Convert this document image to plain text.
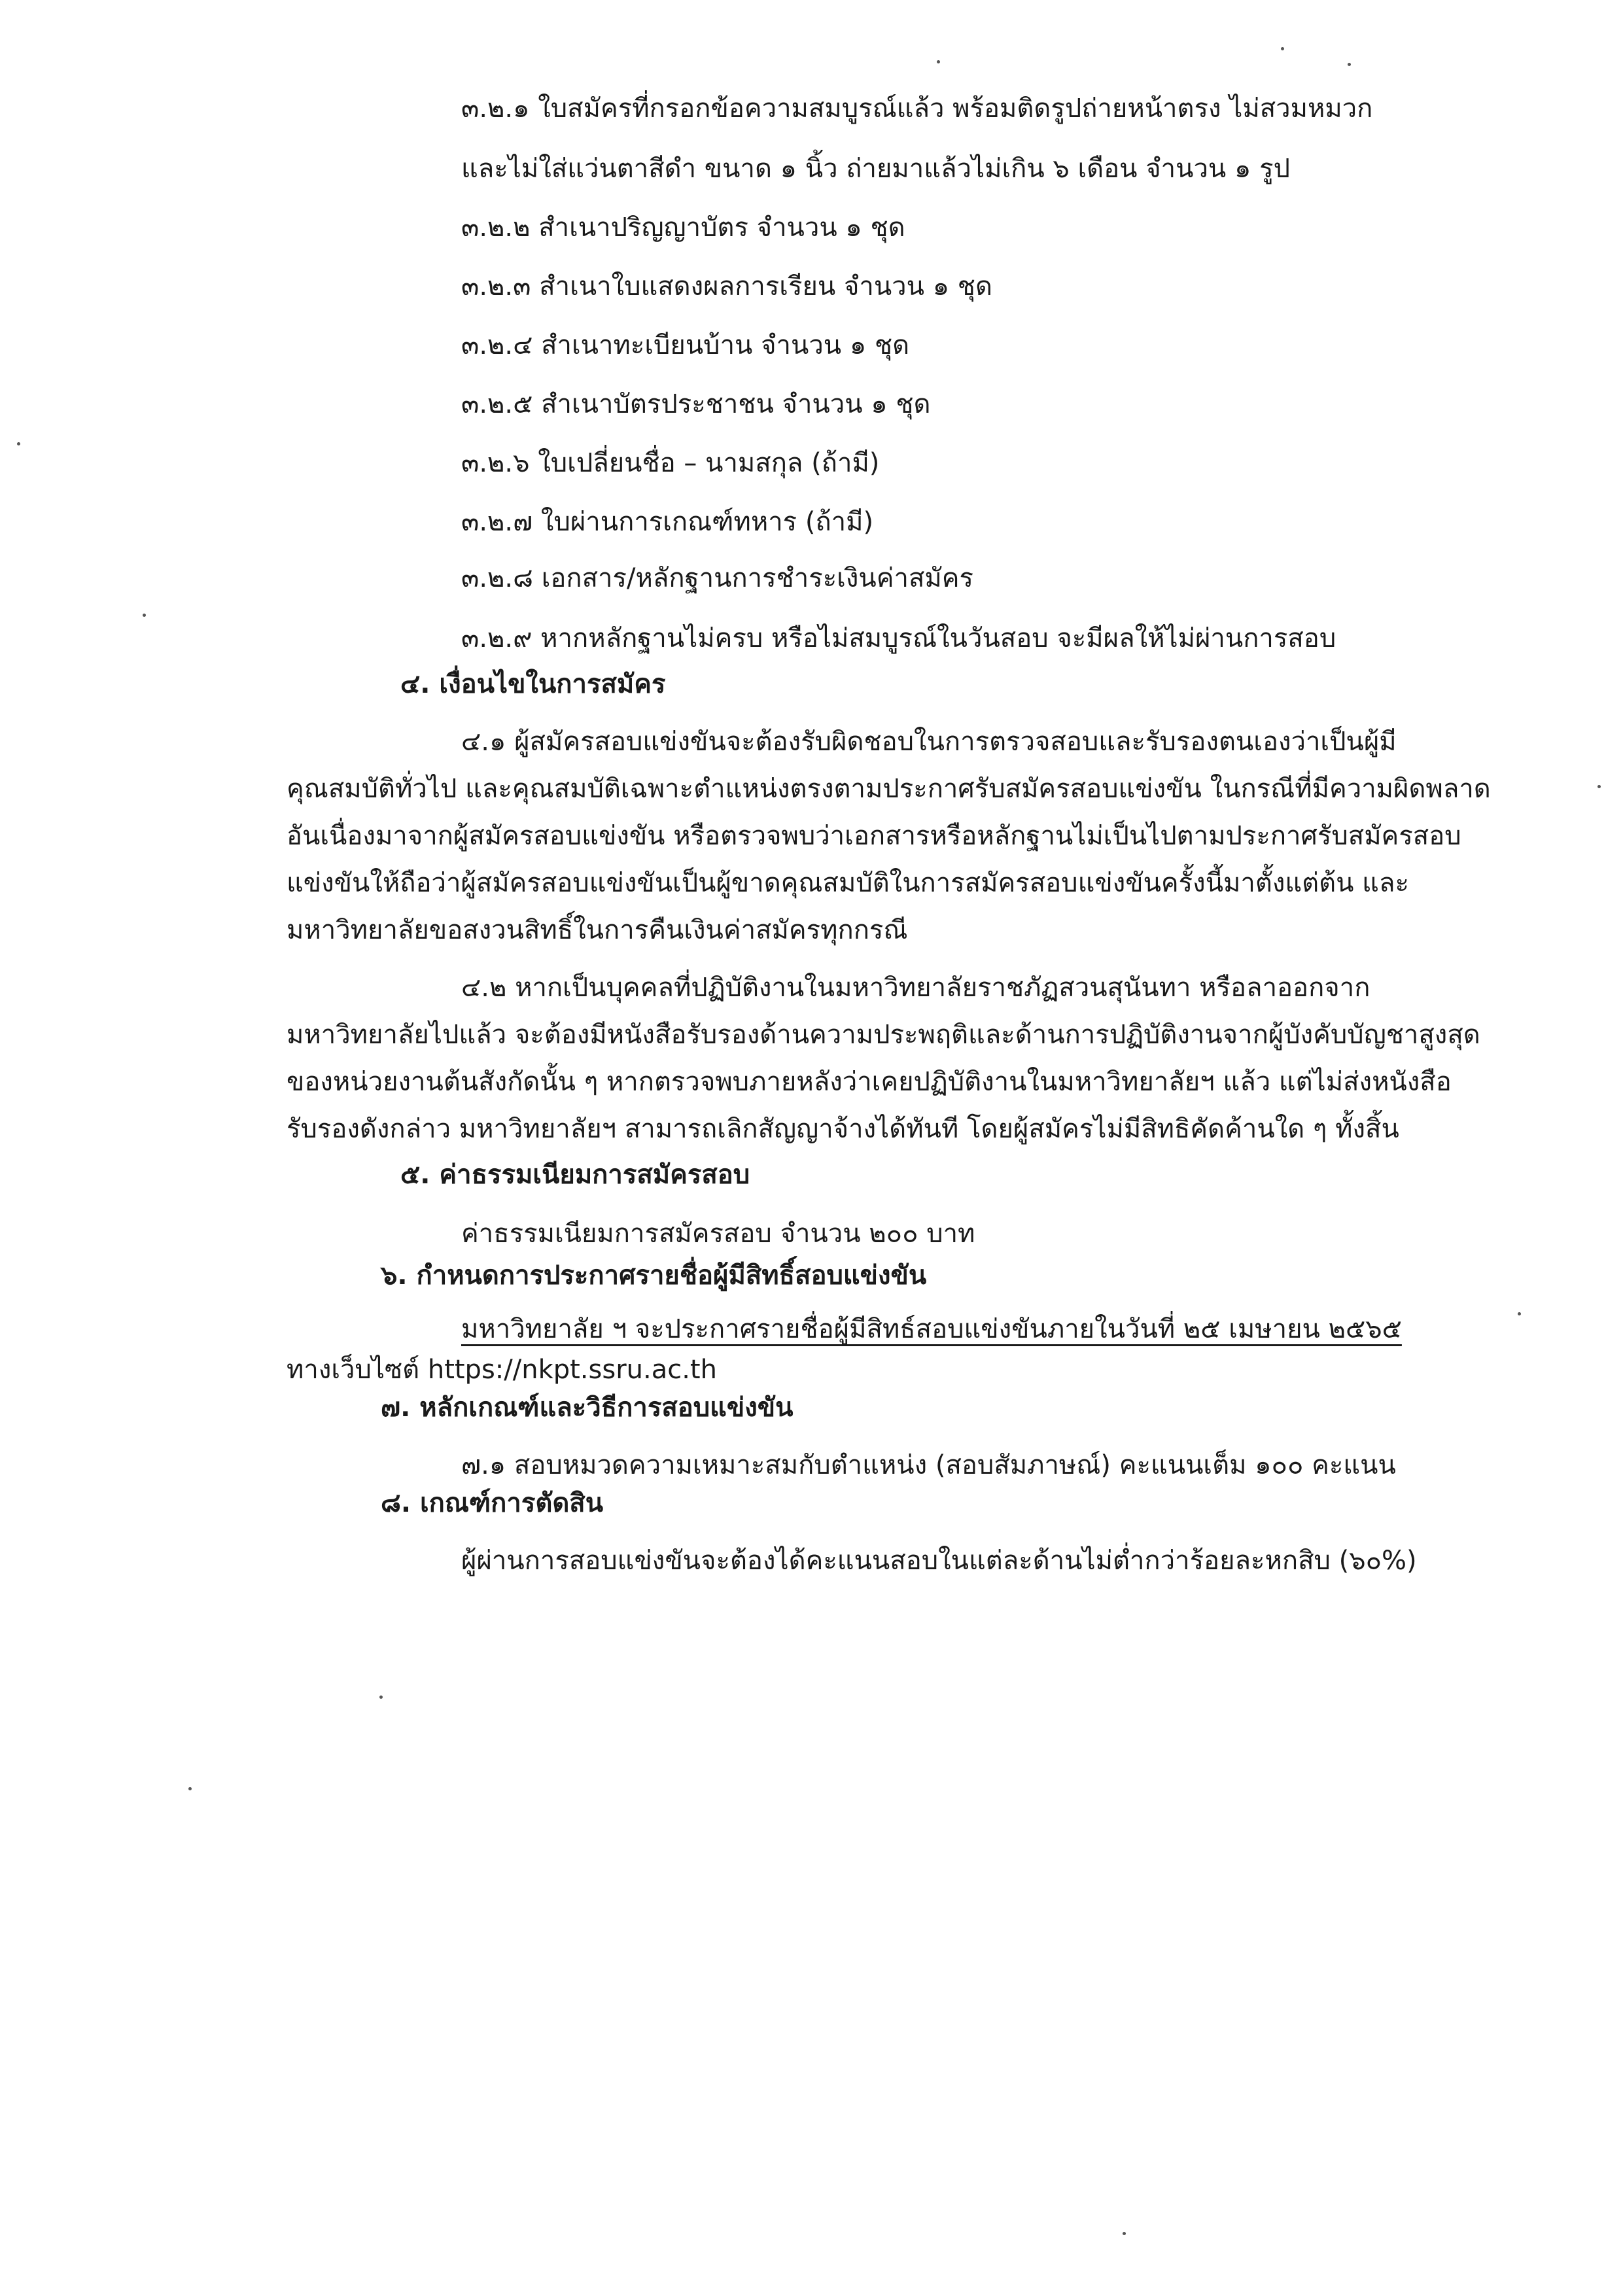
๓.๒.๑ ใบสมัครที่กรอกข้อความสมบูรณ์แล้ว พร้อมติดรูปถ่ายหน้าตรง ไม่สวมหมวก
และไม่ใส่แว่นตาสีดำ ขนาด ๑ นิ้ว ถ่ายมาแล้วไม่เกิน ๖ เดือน จำนวน ๑ รูป
๓.๒.๒ สำเนาปริญญาบัตร จำนวน ๑ ชุด
๓.๒.๓ สำเนาใบแสดงผลการเรียน จำนวน ๑ ชุด
๓.๒.๔ สำเนาทะเบียนบ้าน จำนวน ๑ ชุด
๓.๒.๕ สำเนาบัตรประชาชน จำนวน ๑ ชุด
๓.๒.๖ ใบเปลี่ยนชื่อ – นามสกุล (ถ้ามี)
๓.๒.๗ ใบผ่านการเกณฑ์ทหาร (ถ้ามี)
๓.๒.๘ เอกสาร/หลักฐานการชำระเงินค่าสมัคร
๓.๒.๙ หากหลักฐานไม่ครบ หรือไม่สมบูรณ์ในวันสอบ จะมีผลให้ไม่ผ่านการสอบ
๔. เงื่อนไขในการสมัคร
๔.๑ ผู้สมัครสอบแข่งขันจะต้องรับผิดชอบในการตรวจสอบและรับรองตนเองว่าเป็นผู้มี
คุณสมบัติทั่วไป และคุณสมบัติเฉพาะตำแหน่งตรงตามประกาศรับสมัครสอบแข่งขัน ในกรณีที่มีความผิดพลาด
อันเนื่องมาจากผู้สมัครสอบแข่งขัน หรือตรวจพบว่าเอกสารหรือหลักฐานไม่เป็นไปตามประกาศรับสมัครสอบ
แข่งขันให้ถือว่าผู้สมัครสอบแข่งขันเป็นผู้ขาดคุณสมบัติในการสมัครสอบแข่งขันครั้งนี้มาตั้งแต่ต้น และ
มหาวิทยาลัยขอสงวนสิทธิ์ในการคืนเงินค่าสมัครทุกกรณี
๔.๒ หากเป็นบุคคลที่ปฏิบัติงานในมหาวิทยาลัยราชภัฏสวนสุนันทา หรือลาออกจาก
มหาวิทยาลัยไปแล้ว จะต้องมีหนังสือรับรองด้านความประพฤติและด้านการปฏิบัติงานจากผู้บังคับบัญชาสูงสุด
ของหน่วยงานต้นสังกัดนั้น ๆ หากตรวจพบภายหลังว่าเคยปฏิบัติงานในมหาวิทยาลัยฯ แล้ว แต่ไม่ส่งหนังสือ
รับรองดังกล่าว มหาวิทยาลัยฯ สามารถเลิกสัญญาจ้างได้ทันที โดยผู้สมัครไม่มีสิทธิคัดค้านใด ๆ ทั้งสิ้น
๕. ค่าธรรมเนียมการสมัครสอบ
ค่าธรรมเนียมการสมัครสอบ จำนวน ๒๐๐ บาท
๖. กำหนดการประกาศรายชื่อผู้มีสิทธิ์สอบแข่งขัน
มหาวิทยาลัย ฯ จะประกาศรายชื่อผู้มีสิทธ์สอบแข่งขันภายในวันที่ ๒๕ เมษายน ๒๕๖๕
ทางเว็บไซต์ https://nkpt.ssru.ac.th
๗. หลักเกณฑ์และวิธีการสอบแข่งขัน
๗.๑ สอบหมวดความเหมาะสมกับตำแหน่ง (สอบสัมภาษณ์) คะแนนเต็ม ๑๐๐ คะแนน
๘. เกณฑ์การตัดสิน
ผู้ผ่านการสอบแข่งขันจะต้องได้คะแนนสอบในแต่ละด้านไม่ต่ำกว่าร้อยละหกสิบ (๖๐%)
